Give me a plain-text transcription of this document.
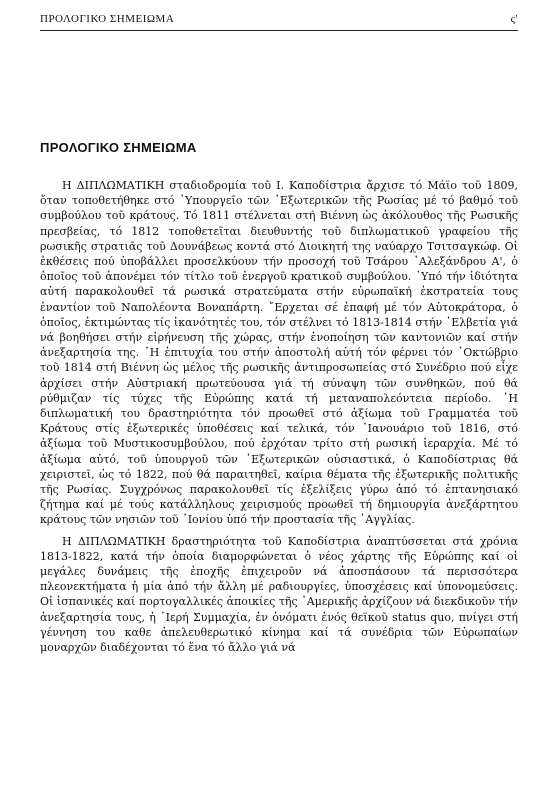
ΠΡΟΛΟΓΙΚΟ ΣΗΜΕΙΩΜΑ	ς'
ΠΡΟΛΟΓΙΚΟ ΣΗΜΕΙΩΜΑ

Η ΔΙΠΛΩΜΑΤΙΚΗ σταδιοδρομία τοῦ Ι. Καποδίστρια ἄρχισε τό Μάϊο τοῦ 1809, ὅταν τοποθετήθηκε στό ῾Υπουργεῖο τῶν ᾿Εξωτερικῶν τῆς Ρωσίας μέ τό βαθμό τοῦ συμβούλου τοῦ κράτους. Τό 1811 στέλνεται στή Βιέννη ὡς ἀκόλουθος τῆς Ρωσικῆς πρεσβείας, τό 1812 τοποθετεῖται διευθυντής τοῦ διπλωματικοῦ γραφείου τῆς ρωσικῆς στρατιᾶς τοῦ Δουνάβεως κοντά στό Διοικητή της ναύαρχο Τσιτσαγκώφ. Οἱ ἐκθέσεις πού ὑποβάλλει προσελκύουν τήν προσοχή τοῦ Τσάρου ᾿Αλεξάνδρου Α', ὁ ὁποῖος τοῦ ἀπονέμει τόν τίτλο τοῦ ἐνεργοῦ κρατικοῦ συμβούλου. ῾Υπό τήν ἰδιότητα αὐτή παρακολουθεῖ τά ρωσικά στρατεύματα στήν εὐρωπαϊκή ἐκστρατεία τους ἐναντίον τοῦ Ναπολέοντα Βοναπάρτη. ῎Ερχεται σέ ἐπαφή μέ τόν Αὐτοκράτορα, ὁ ὁποῖος, ἐκτιμώντας τίς ἱκανότητές του, τόν στέλνει τό 1813-1814 στήν ῾Ελβετία γιά νά βοηθήσει στήν εἰρήνευση τῆς χώρας, στήν ἑνοποίηση τῶν καντονιῶν καί στήν ἀνεξαρτησία της. ῾Η ἐπιτυχία του στήν ἀποστολή αὐτή τόν φέρνει τόν ᾿Οκτώβριο τοῦ 1814 στή Βιέννη ὡς μέλος τῆς ρωσικῆς ἀντιπροσωπείας στό Συνέδριο πού εἶχε ἀρχίσει στήν Αὐστριακή πρωτεύουσα γιά τή σύναψη τῶν συνθηκῶν, πού θά ρύθμιζαν τίς τύχες τῆς Εὐρώπης κατά τή μεταναπολεόντεια περίοδο. ῾Η διπλωματική του δραστηριότητα τόν προωθεῖ στό ἀξίωμα τοῦ Γραμματέα τοῦ Κράτους στίς ἐξωτερικές ὑποθέσεις καί τελικά, τόν ᾿Ιανουάριο τοῦ 1816, στό ἀξίωμα τοῦ Μυστικοσυμβούλου, πού ἐρχόταν τρίτο στή ρωσική ἱεραρχία. Μέ τό ἀξίωμα αὐτό, τοῦ ὑπουργοῦ τῶν ᾿Εξωτερικῶν οὐσιαστικά, ὁ Καποδίστριας θά χειριστεῖ, ὡς τό 1822, πού θά παραιτηθεῖ, καίρια θέματα τῆς ἐξωτερικῆς πολιτικῆς τῆς Ρωσίας. Συγχρόνως παρακολουθεῖ τίς ἐξελίξεις γύρω ἀπό τό ἑπτανησιακό ζήτημα καί μέ τούς κατάλληλους χειρισμούς προωθεῖ τή δημιουργία ἀνεξάρτητου κράτους τῶν νησιῶν τοῦ ᾿Ιονίου ὑπό τήν προστασία τῆς ᾿Αγγλίας.

Η ΔΙΠΛΩΜΑΤΙΚΗ δραστηριότητα τοῦ Καποδίστρια ἀναπτύσσεται στά χρόνια 1813-1822, κατά τήν ὁποία διαμορφώνεται ὁ νέος χάρτης τῆς Εὐρώπης καί οἱ μεγάλες δυνάμεις τῆς ἐποχῆς ἐπιχειροῦν νά ἀποσπάσουν τά περισσότερα πλεονεκτήματα ἡ μία ἀπό τήν ἄλλη μέ ραδιουργίες, ὑποσχέσεις καί ὑπονομεύσεις. Οἱ ἱσπανικές καί πορτογαλλικές ἀποικίες τῆς ᾿Αμερικῆς ἀρχίζουν νά διεκδικοῦν τήν ἀνεξαρτησία τους, ἡ ῾Ιερή Συμμαχία, ἐν ὀνόματι ἑνός θεϊκοῦ status quo, πνίγει στή γέννηση του καθε ἀπελευθερωτικό κίνημα καί τά συνέδρια τῶν Εὐρωπαίων μοναρχῶν διαδέχονται τό ἕνα τό ἄλλο γιά νά
